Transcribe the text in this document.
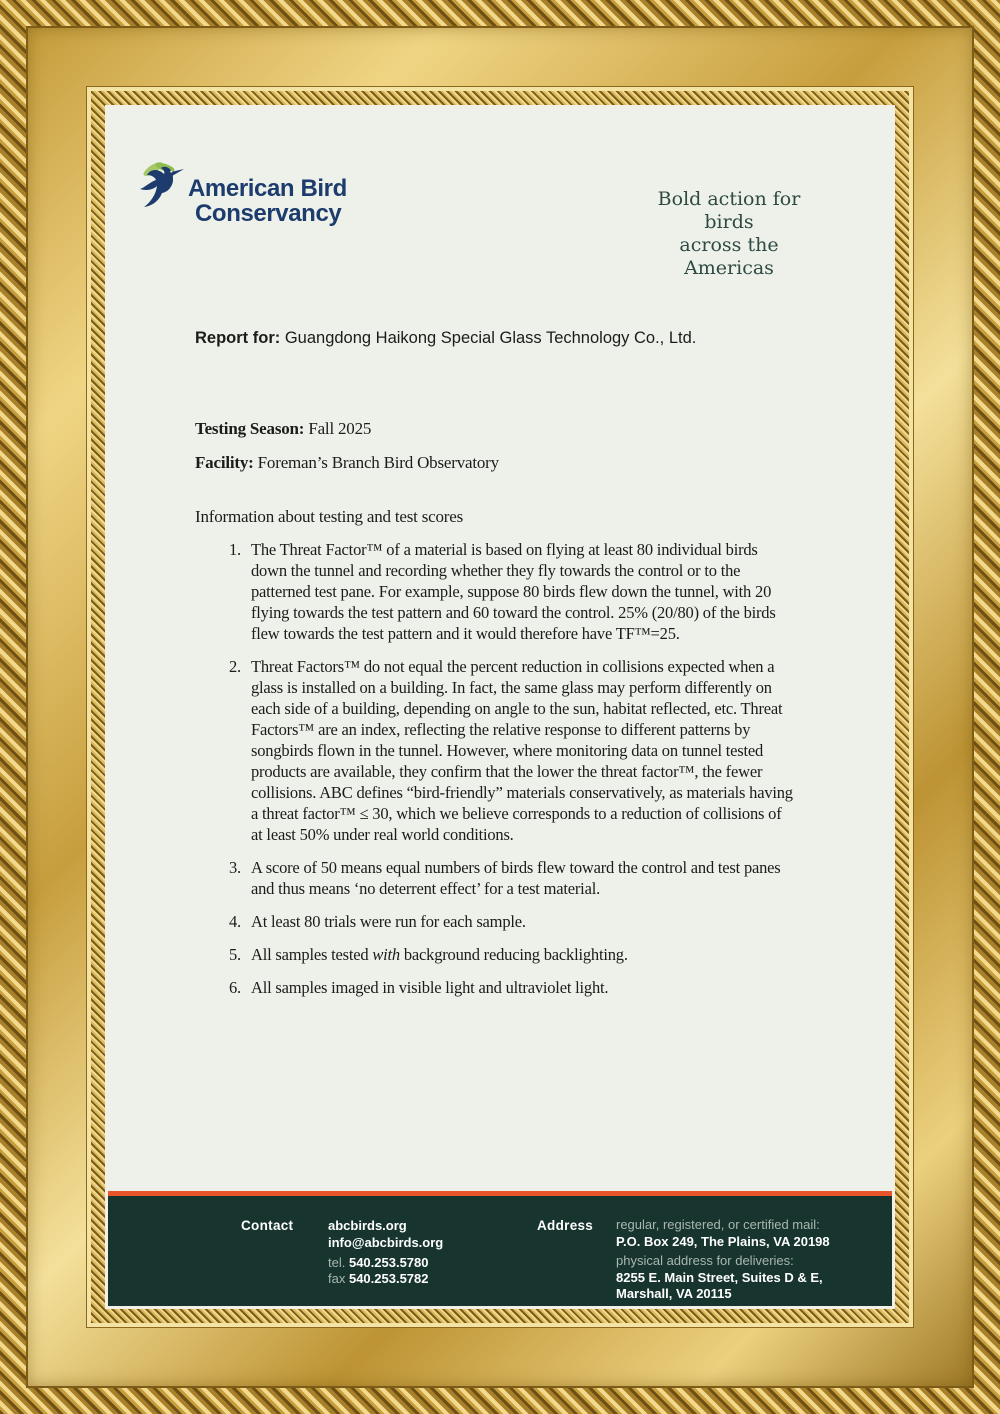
American Bird
Conservancy
Bold action for birds
across the Americas
Report for: Guangdong Haikong Special Glass Technology Co., Ltd.
Testing Season: Fall 2025
Facility: Foreman’s Branch Bird Observatory
Information about testing and test scores
1. The Threat Factor™ of a material is based on flying at least 80 individual birds down the tunnel and recording whether they fly towards the control or to the patterned test pane. For example, suppose 80 birds flew down the tunnel, with 20 flying towards the test pattern and 60 toward the control. 25% (20/80) of the birds flew towards the test pattern and it would therefore have TF™=25.
2. Threat Factors™ do not equal the percent reduction in collisions expected when a glass is installed on a building. In fact, the same glass may perform differently on each side of a building, depending on angle to the sun, habitat reflected, etc. Threat Factors™ are an index, reflecting the relative response to different patterns by songbirds flown in the tunnel. However, where monitoring data on tunnel tested products are available, they confirm that the lower the threat factor™, the fewer collisions. ABC defines “bird-friendly” materials conservatively, as materials having a threat factor™ ≤ 30, which we believe corresponds to a reduction of collisions of at least 50% under real world conditions.
3. A score of 50 means equal numbers of birds flew toward the control and test panes and thus means ‘no deterrent effect’ for a test material.
4. At least 80 trials were run for each sample.
5. All samples tested with background reducing backlighting.
6. All samples imaged in visible light and ultraviolet light.
Contact	abcbirds.org
info@abcbirds.org
tel. 540.253.5780
fax 540.253.5782
Address regular, registered, or certified mail:
P.O. Box 249, The Plains, VA 20198
physical address for deliveries:
8255 E. Main Street, Suites D & E,
Marshall, VA 20115
